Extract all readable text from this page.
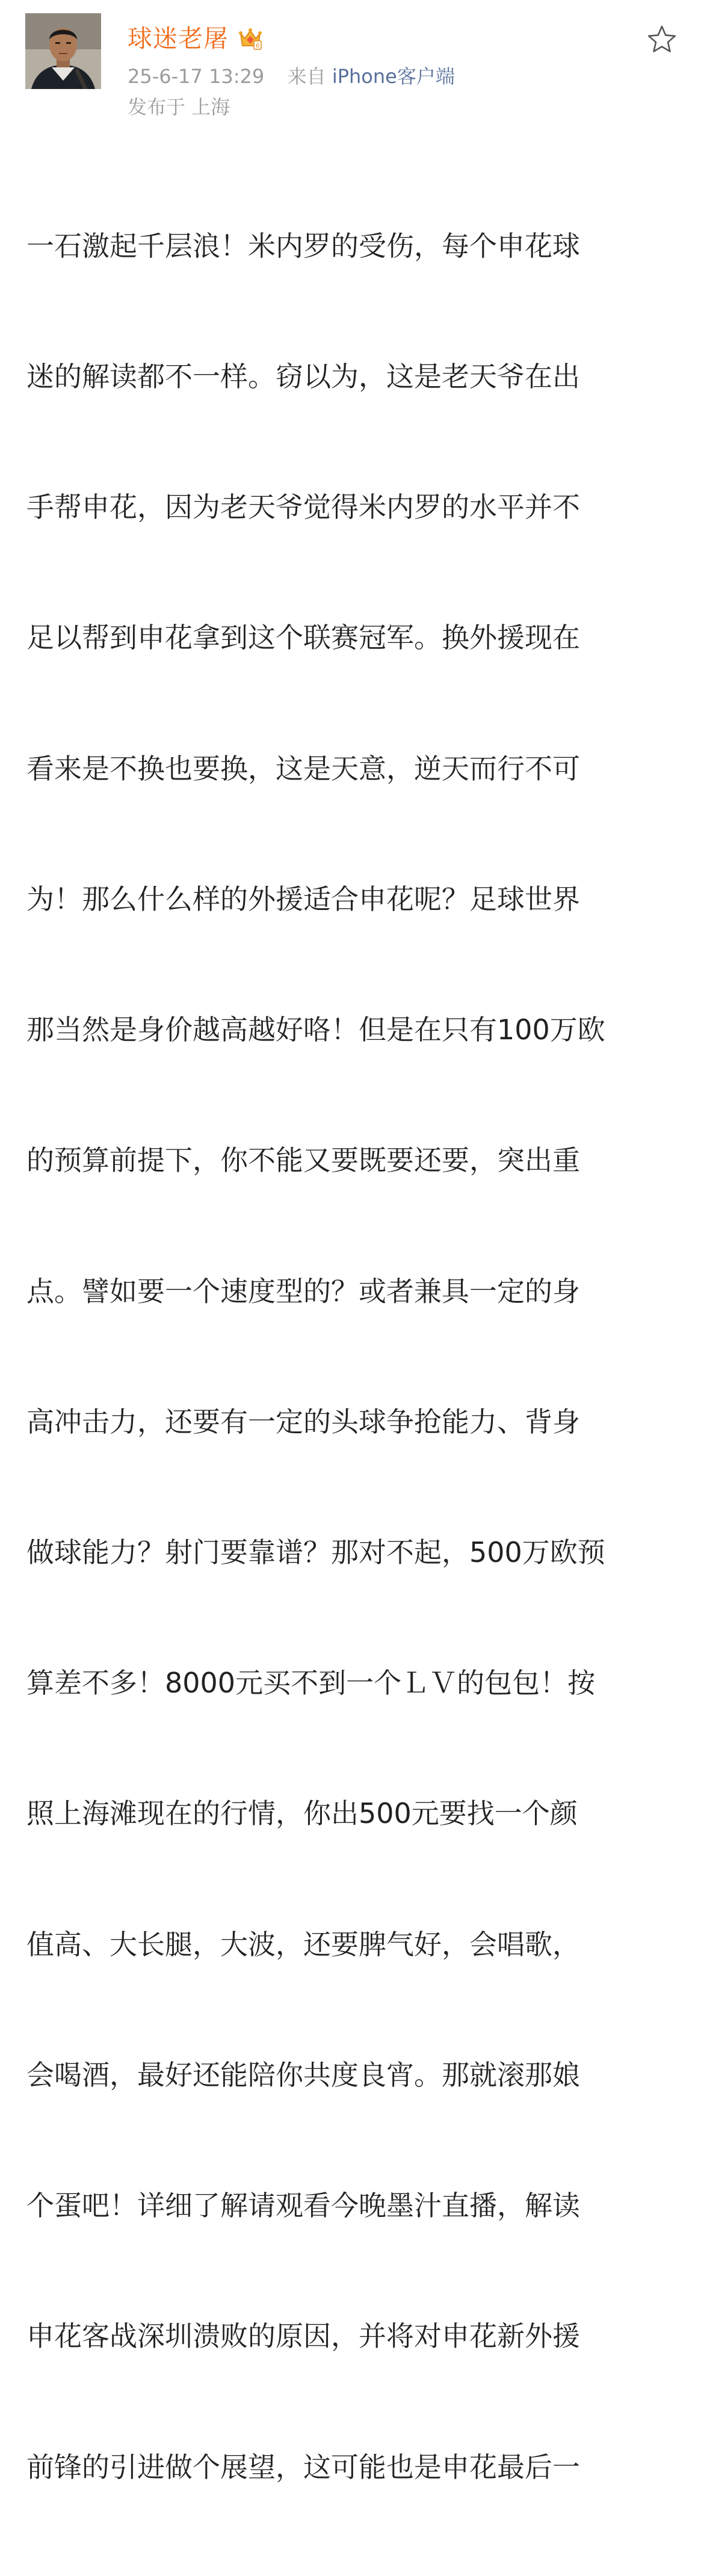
球迷老屠	6
25-6-17 13:29 来自 iPhone客户端
发布于 上海

一石激起千层浪！米内罗的受伤，每个申花球

迷的解读都不一样。窃以为，这是老天爷在出

手帮申花，因为老天爷觉得米内罗的水平并不

足以帮到申花拿到这个联赛冠军。换外援现在

看来是不换也要换，这是天意，逆天而行不可

为！那么什么样的外援适合申花呢？足球世界

那当然是身价越高越好咯！但是在只有100万欧

的预算前提下，你不能又要既要还要，突出重

点。譬如要一个速度型的？或者兼具一定的身

高冲击力，还要有一定的头球争抢能力、背身

做球能力？射门要靠谱？那对不起，500万欧预

算差不多！8000元买不到一个ＬＶ的包包！按

照上海滩现在的行情，你出500元要找一个颜

值高、大长腿，大波，还要脾气好，会唱歌，

会喝酒，最好还能陪你共度良宵。那就滚那娘

个蛋吧！详细了解请观看今晚墨汁直播，解读

申花客战深圳溃败的原因，并将对申花新外援

前锋的引进做个展望，这可能也是申花最后一
